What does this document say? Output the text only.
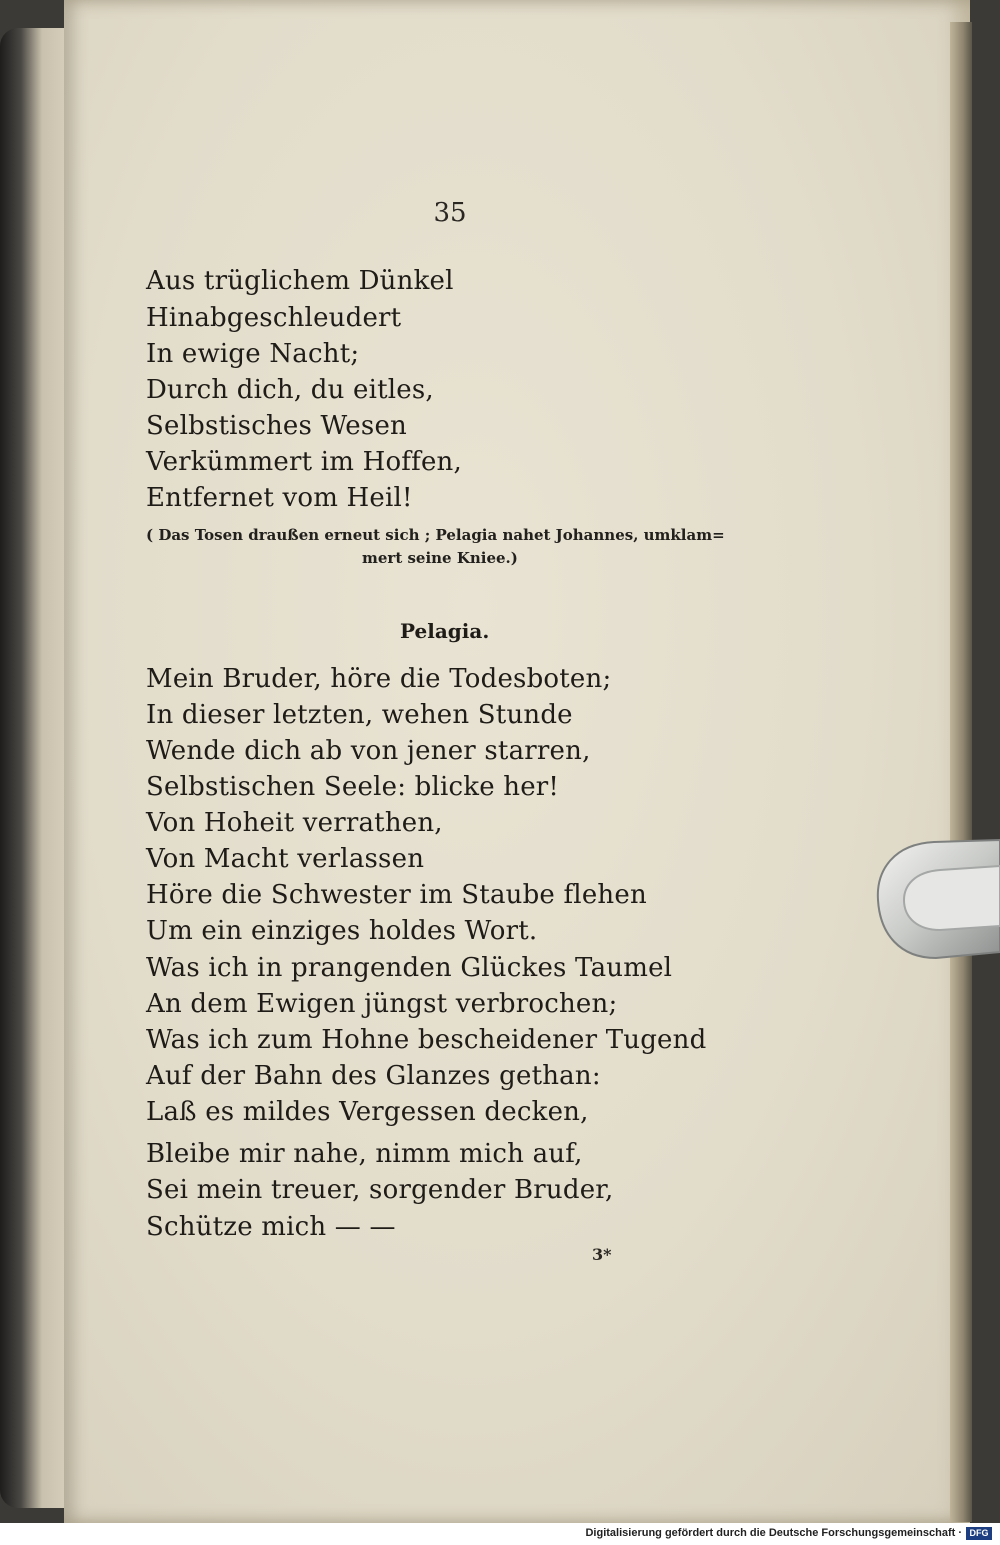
35
Aus trüglichem Dünkel
Hinabgeschleudert
In ewige Nacht;
Durch dich, du eitles,
Selbstisches Wesen
Verkümmert im Hoffen,
Entfernet vom Heil!
( Das Tosen draußen erneut sich ; Pelagia nahet Johannes, umklam=
mert seine Kniee.)
Pelagia.
Mein Bruder, höre die Todesboten;
In dieser letzten, wehen Stunde
Wende dich ab von jener starren,
Selbstischen Seele: blicke her!
Von Hoheit verrathen,
Von Macht verlassen
Höre die Schwester im Staube flehen
Um ein einziges holdes Wort.
Was ich in prangenden Glückes Taumel
An dem Ewigen jüngst verbrochen;
Was ich zum Hohne bescheidener Tugend
Auf der Bahn des Glanzes gethan:
Laß es mildes Vergessen decken,
Bleibe mir nahe, nimm mich auf,
Sei mein treuer, sorgender Bruder,
Schütze mich — —
3*
Digitalisierung gefördert durch die Deutsche Forschungsgemeinschaft · DFG
